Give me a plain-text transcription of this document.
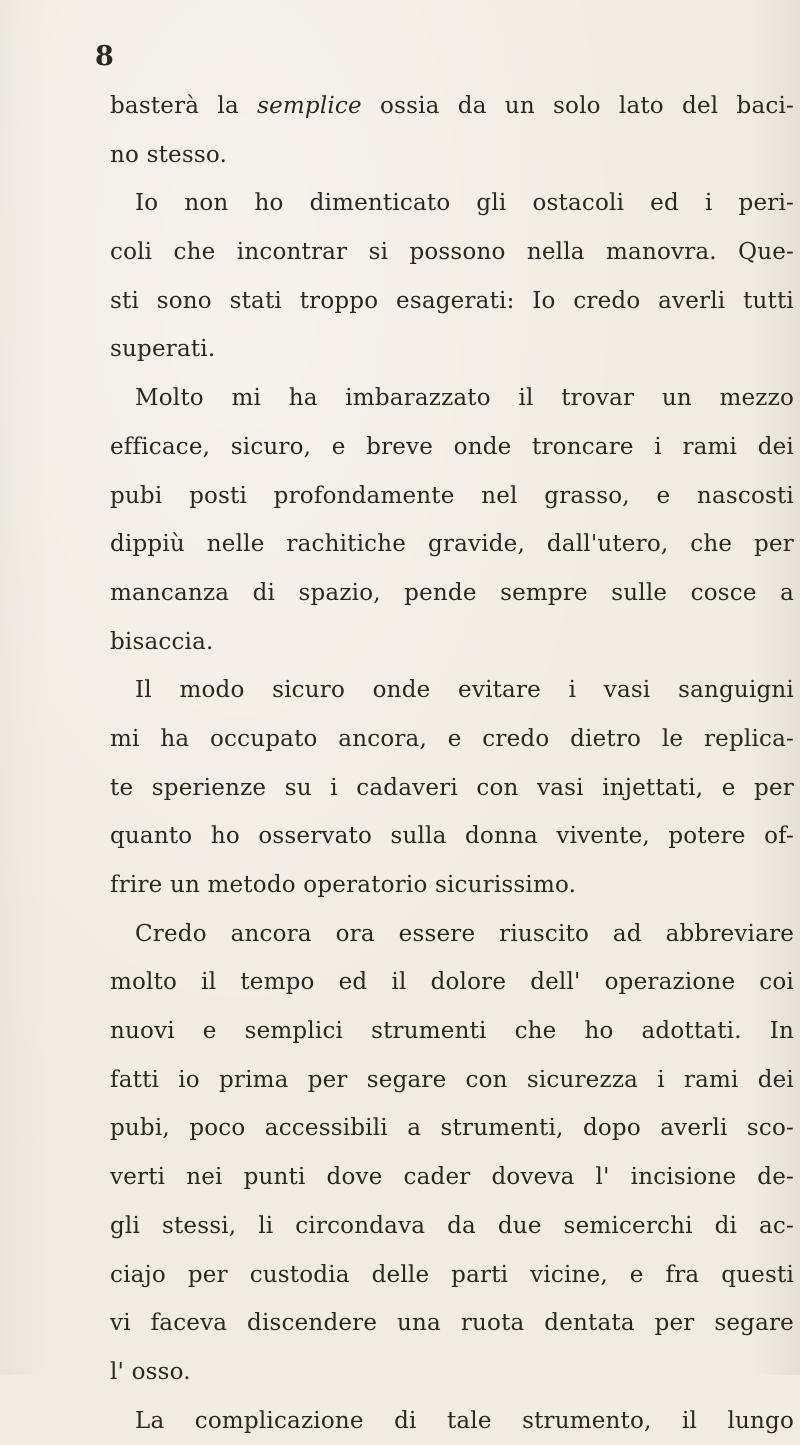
8

basterà la semplice ossia da un solo lato del baci-
no stesso.
Io non ho dimenticato gli ostacoli ed i peri-
coli che incontrar si possono nella manovra. Que-
sti sono stati troppo esagerati: Io credo averli tutti
superati.
Molto mi ha imbarazzato il trovar un mezzo
efficace, sicuro, e breve onde troncare i rami dei
pubi posti profondamente nel grasso, e nascosti
dippiù nelle rachitiche gravide, dall'utero, che per
mancanza di spazio, pende sempre sulle cosce a
bisaccia.
Il modo sicuro onde evitare i vasi sanguigni
mi ha occupato ancora, e credo dietro le replica-
te sperienze su i cadaveri con vasi injettati, e per
quanto ho osservato sulla donna vivente, potere of-
frire un metodo operatorio sicurissimo.
Credo ancora ora essere riuscito ad abbreviare
molto il tempo ed il dolore dell' operazione coi
nuovi e semplici strumenti che ho adottati. In
fatti io prima per segare con sicurezza i rami dei
pubi, poco accessibili a strumenti, dopo averli sco-
verti nei punti dove cader doveva l' incisione de-
gli stessi, li circondava da due semicerchi di ac-
ciajo per custodia delle parti vicine, e fra questi
vi faceva discendere una ruota dentata per segare
l' osso.
La complicazione di tale strumento, il lungo
